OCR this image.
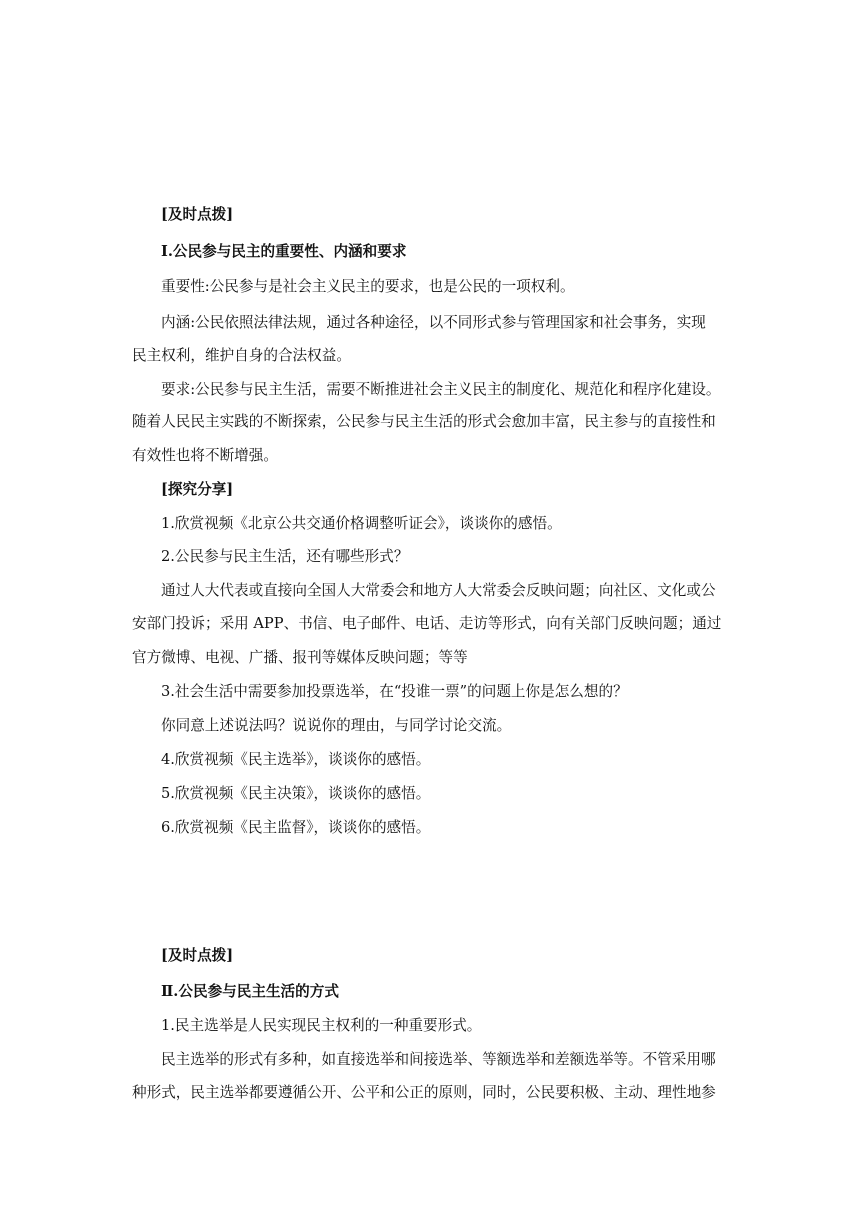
[及时点拨]
Ⅰ.公民参与民主的重要性、内涵和要求
重要性:公民参与是社会主义民主的要求，也是公民的一项权利。
内涵:公民依照法律法规，通过各种途径，以不同形式参与管理国家和社会事务，实现
民主权利，维护自身的合法权益。
要求:公民参与民主生活，需要不断推进社会主义民主的制度化、规范化和程序化建设。
随着人民民主实践的不断探索，公民参与民主生活的形式会愈加丰富，民主参与的直接性和
有效性也将不断增强。
[探究分享]
1.欣赏视频《北京公共交通价格调整听证会》，谈谈你的感悟。
2.公民参与民主生活，还有哪些形式？
通过人大代表或直接向全国人大常委会和地方人大常委会反映问题；向社区、文化或公
安部门投诉；采用 APP、书信、电子邮件、电话、走访等形式，向有关部门反映问题；通过
官方微博、电视、广播、报刊等媒体反映问题；等等
3.社会生活中需要参加投票选举，在“投谁一票”的问题上你是怎么想的？
你同意上述说法吗？说说你的理由，与同学讨论交流。
4.欣赏视频《民主选举》，谈谈你的感悟。
5.欣赏视频《民主决策》，谈谈你的感悟。
6.欣赏视频《民主监督》，谈谈你的感悟。
[及时点拨]
Ⅱ.公民参与民主生活的方式
1.民主选举是人民实现民主权利的一种重要形式。
民主选举的形式有多种，如直接选举和间接选举、等额选举和差额选举等。不管采用哪
种形式，民主选举都要遵循公开、公平和公正的原则，同时，公民要积极、主动、理性地参
